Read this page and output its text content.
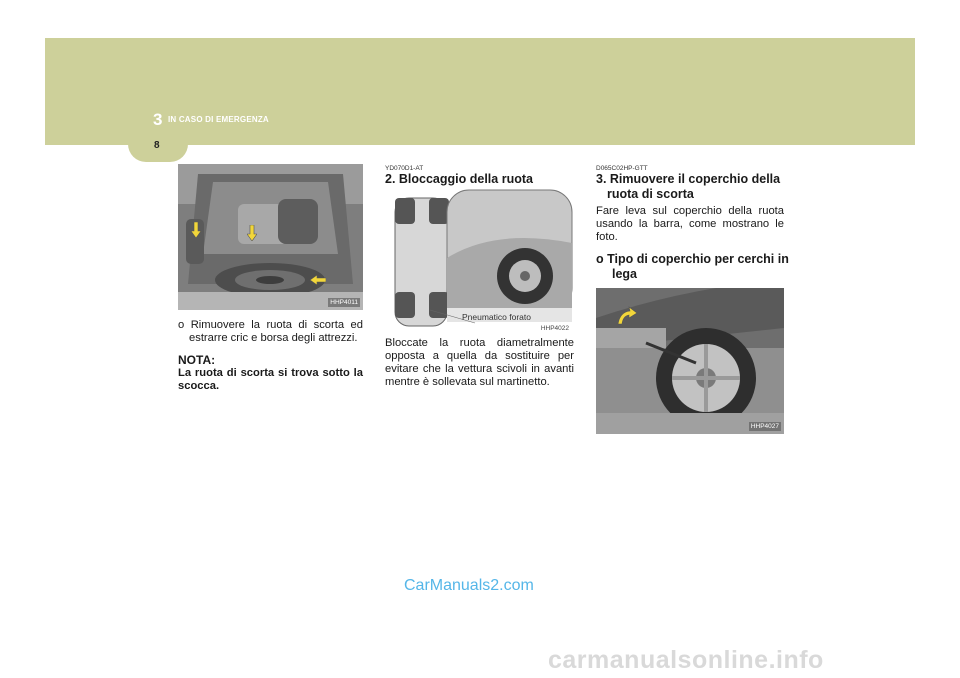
3 IN CASO DI EMERGENZA
8
HHP4011
o Rimuovere la ruota di scorta ed estrarre cric e borsa degli attrezzi.
NOTA:
La ruota di scorta si trova sotto la scocca.
YD070D1-AT
2. Bloccaggio della ruota
Pneumatico forato
HHP4022
Bloccate la ruota diametralmente opposta a quella da sostituire per evitare che la vettura scivoli in avanti mentre è sollevata sul martinetto.
D065C02HP-GTT
3. Rimuovere il coperchio della ruota di scorta
Fare leva sul coperchio della ruota usando la barra, come mostrano le foto.
o Tipo di coperchio per cerchi in lega
HHP4027
CarManuals2.com
carmanualsonline.info
